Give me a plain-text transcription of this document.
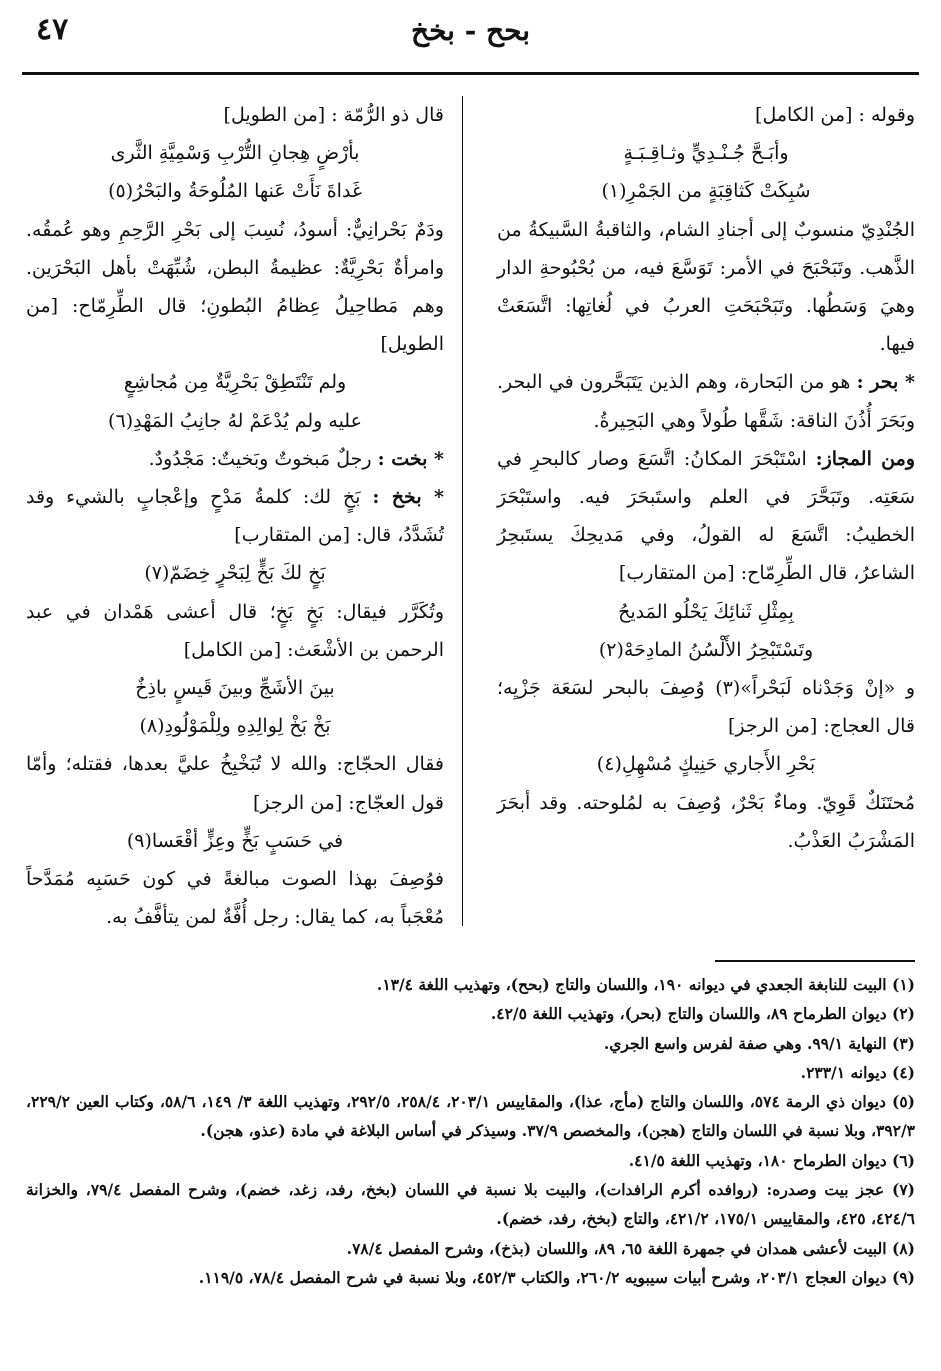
٤٧	بحح - بخخ

وقوله : [من الكامل]

وأبَـحَّ جُـنْـدِيٍّ وثـاقِـبَـةٍ

سُبِكَتْ كَثاقِبَةٍ من الجَمْرِ(١)

الجُنْدِيّ منسوبٌ إلى أجنادِ الشام، والثاقبةُ السَّبيكةُ من الذَّهب. وتَبَحْبَحَ في الأمر: تَوَسَّعَ فيه، من بُحْبُوحةِ الدار وهيَ وَسَطُها. وتَبَحْبَحَتِ العربُ في لُغاتِها: اتَّسَعَتْ فيها.

* بحر : هو من البَحارة، وهم الذين يَتَبَحَّرون في البحر. وبَحَرَ أُذُنَ الناقة: شَقَّها طُولاً وهي البَحِيرةُ.

ومن المجاز: اسْتَبْحَرَ المكانُ: اتَّسَعَ وصار كالبحرِ في سَعَتِه. وتَبَحَّرَ في العلم واستَبحَرَ فيه. واستَبْحَرَ الخطيبُ: اتَّسَعَ له القولُ، وفي مَديحِكَ يستَبحِرُ الشاعرُ، قال الطِّرِمّاح: [من المتقارب]

بِمِثْلِ ثَنائِكَ يَحْلُو المَديحُ

وتَسْتَبْحِرُ الأَلْسُنُ المادِحَهْ(٢)

و «إنْ وَجَدْناه لَبَحْراً»(٣) وُصِفَ بالبحر لسَعَة جَزْيِه؛ قال العجاج: [من الرجز]

بَحْرِ الأَجاري حَنِيكٍ مُسْهِلِ(٤)

مُحتَنَكٌ قَوِيّ. وماءٌ بَحْرٌ، وُصِفَ به لمُلوحته. وقد أبحَرَ المَشْرَبُ العَذْبُ.

قال ذو الرُّمّة : [من الطويل]

بأرْضٍ هِجانِ التُّرْبِ وَسْمِيَّةِ الثَّرى

غَداةَ نَأَتْ عَنها المُلُوحَةُ والبَحْرُ(٥)

ودَمٌ بَحْرانِيٌّ: أسودُ، نُسِبَ إلى بَحْرِ الرَّحِمِ وهو عُمقُه. وامرأةٌ بَحْرِيَّةٌ: عظيمةُ البطن، شُبِّهَتْ بأهل البَحْرَين. وهم مَطاحِيلُ عِظامُ البُطونِ؛ قال الطِّرِمّاح: [من الطويل]

ولم تَنْتَطِقْ بَحْرِيَّةٌ مِن مُجاشِعٍ

عليه ولم يُدْعَمْ لهُ جانِبُ المَهْدِ(٦)

* بخت : رجلٌ مَبخوتٌ وبَخيتٌ: مَجْدُودٌ.

* بخخ : بَخٍ لك: كلمةُ مَدْحٍ وإعْجابٍ بالشيء وقد تُشَدَّدُ، قال: [من المتقارب]

بَخٍ لكَ بَخٍّ لِبَحْرٍ خِضَمّ(٧)

وتُكَرَّر فيقال: بَخٍ بَخٍ؛ قال أعشى هَمْدان في عبد الرحمن بن الأشْعَث: [من الكامل]

بينَ الأشَجِّ وبينَ قَيسٍ باذِخٌ

بَخْ بَخْ لِوالِدِهِ ولِلْمَوْلُودِ(٨)

فقال الحجّاج: والله لا تُبَخْبِخُ عليَّ بعدها، فقتله؛ وأمّا قول العجّاج: [من الرجز]

في حَسَبٍ بَخٍّ وعِزٍّ أقْعَسا(٩)

فوُصِفَ بهذا الصوت مبالغةً في كون حَسَبِه مُمَدَّحاً مُعْجَباً به، كما يقال: رجل أُفَّةٌ لمن يتأفَّفُ به.

(١) البيت للنابغة الجعدي في ديوانه ١٩٠، واللسان والتاج (بحح)، وتهذيب اللغة ١٣/٤.

(٢) ديوان الطرماح ٨٩، واللسان والتاج (بحر)، وتهذيب اللغة ٤٢/٥.

(٣) النهاية ٩٩/١. وهي صفة لفرس واسع الجري.

(٤) ديوانه ٢٣٣/١.

(٥) ديوان ذي الرمة ٥٧٤، واللسان والتاج (مأج، عذا)، والمقاييس ٢٠٣/١، ٢٥٨/٤، ٢٩٢/٥، وتهذيب اللغة ٣/ ١٤٩، ٥٨/٦، وكتاب العين ٢٢٩/٢، ٣٩٢/٣، وبلا نسبة في اللسان والتاج (هجن)، والمخصص ٣٧/٩. وسيذكر في أساس البلاغة في مادة (عذو، هجن).

(٦) ديوان الطرماح ١٨٠، وتهذيب اللغة ٤١/٥.

(٧) عجز بيت وصدره: (روافده أكرم الرافدات)، والبيت بلا نسبة في اللسان (بخخ، رفد، زغد، خضم)، وشرح المفصل ٧٩/٤، والخزانة ٤٢٤/٦، ٤٢٥، والمقاييس ١٧٥/١، ٤٢١/٢، والتاج (بخخ، رفد، خضم).

(٨) البيت لأعشى همدان في جمهرة اللغة ٦٥، ٨٩، واللسان (بذخ)، وشرح المفصل ٧٨/٤.

(٩) ديوان العجاج ٢٠٣/١، وشرح أبيات سيبويه ٢٦٠/٢، والكتاب ٤٥٢/٣، وبلا نسبة في شرح المفصل ٧٨/٤، ١١٩/٥.
